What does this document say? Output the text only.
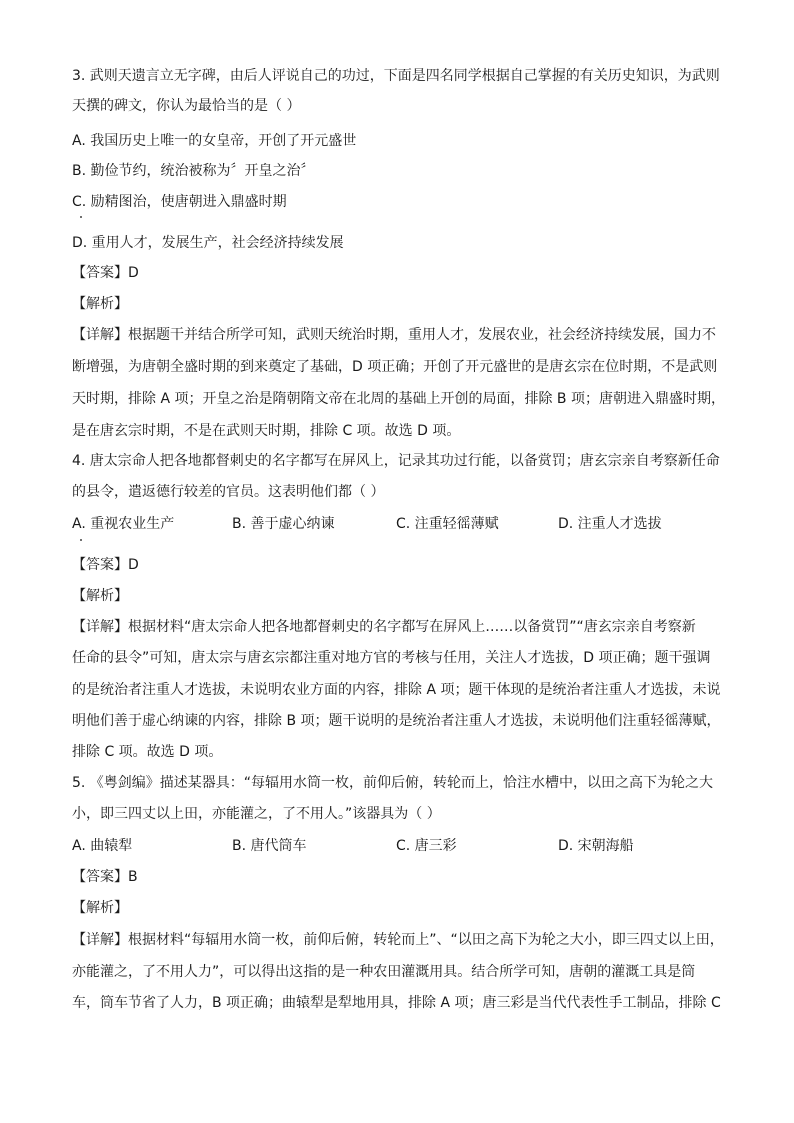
3. 武则天遗言立无字碑，由后人评说自己的功过，下面是四名同学根据自己掌握的有关历史知识，为武则
天撰的碑文，你认为最恰当的是（ ）
A. 我国历史上唯一的女皇帝，开创了开元盛世
B. 勤俭节约，统治被称为〞开皇之治〞
C. 励精图治，使唐朝进入鼎盛时期
D. 重用人才，发展生产，社会经济持续发展
【答案】D
【解析】
【详解】根据题干并结合所学可知，武则天统治时期，重用人才，发展农业，社会经济持续发展，国力不
断增强，为唐朝全盛时期的到来奠定了基础，D 项正确；开创了开元盛世的是唐玄宗在位时期，不是武则
天时期，排除 A 项；开皇之治是隋朝隋文帝在北周的基础上开创的局面，排除 B 项；唐朝进入鼎盛时期，
是在唐玄宗时期，不是在武则天时期，排除 C 项。故选 D 项。
4. 唐太宗命人把各地都督刺史的名字都写在屏风上，记录其功过行能，以备赏罚；唐玄宗亲自考察新任命
的县令，遣返德行较差的官员。这表明他们都（ ）
A. 重视农业生产	B. 善于虚心纳谏	C. 注重轻徭薄赋	D. 注重人才选拔
【答案】D
【解析】
【详解】根据材料“唐太宗命人把各地都督刺史的名字都写在屏风上……以备赏罚”“唐玄宗亲自考察新
任命的县令”可知，唐太宗与唐玄宗都注重对地方官的考核与任用，关注人才选拔，D 项正确；题干强调
的是统治者注重人才选拔，未说明农业方面的内容，排除 A 项；题干体现的是统治者注重人才选拔，未说
明他们善于虚心纳谏的内容，排除 B 项；题干说明的是统治者注重人才选拔，未说明他们注重轻徭薄赋，
排除 C 项。故选 D 项。
5. 《粤剑编》描述某器具：“每辐用水筒一枚，前仰后俯，转轮而上，恰注水槽中，以田之高下为轮之大
小，即三四丈以上田，亦能灌之，了不用人。”该器具为（ ）
A. 曲辕犁	B. 唐代筒车	C. 唐三彩	D. 宋朝海船
【答案】B
【解析】
【详解】根据材料“每辐用水筒一枚，前仰后俯，转轮而上”、“以田之高下为轮之大小，即三四丈以上田，
亦能灌之，了不用人力”，可以得出这指的是一种农田灌溉用具。结合所学可知，唐朝的灌溉工具是筒
车，筒车节省了人力，B 项正确；曲辕犁是犁地用具，排除 A 项；唐三彩是当代代表性手工制品，排除 C
